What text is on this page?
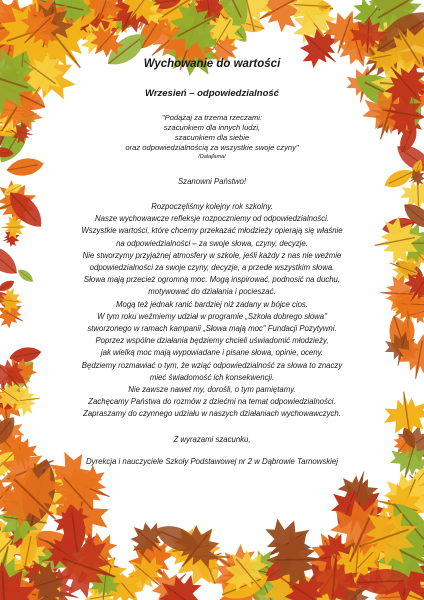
Wychowanie do wartości
Wrzesień – odpowiedzialność
"Podążaj za trzema rzeczami:
szacunkiem dla innych ludzi,
szacunkiem dla siebie
oraz odpowiedzialnością za wszystkie swoje czyny"
/Dalajlama/
Szanowni Państwo!
Rozpoczęliśmy kolejny rok szkolny.
Nasze wychowawcze refleksje rozpoczniemy od odpowiedzialności.
Wszystkie wartości, które chcemy przekazać młodzieży opierają się właśnie
na odpowiedzialności – za swoje słowa, czyny, decyzje.
Nie stworzymy przyjaznej atmosfery w szkole, jeśli każdy z nas nie weźmie
odpowiedzialności za swoje czyny, decyzje, a przede wszystkim słowa.
Słowa mają przecież ogromną moc. Mogą inspirować, podnosić na duchu,
motywować do działania i pocieszać.
Mogą też jednak ranić bardziej niż zadany w bójce cios.
W tym roku weźmiemy udział w programie „Szkoła dobrego słowa"
stworzonego w ramach kampanii „Słowa mają moc" Fundacji Pozytywni.
Poprzez wspólne działania będziemy chcieli uświadomić młodzieży,
jak wielką moc mają wypowiadane i pisane słowa, opinie, oceny.
Będziemy rozmawiać o tym, że wziąć odpowiedzialność za słowa to znaczy
mieć świadomość ich konsekwencji.
Nie zawsze nawet my, dorośli, o tym pamiętamy.
Zachęcamy Państwa do rozmów z dziećmi na temat odpowiedzialności.
Zapraszamy do czynnego udziału w naszych działaniach wychowawczych.
Z wyrazami szacunku,
Dyrekcja i nauczyciele Szkoły Podstawowej nr 2 w Dąbrowie Tarnowskiej
